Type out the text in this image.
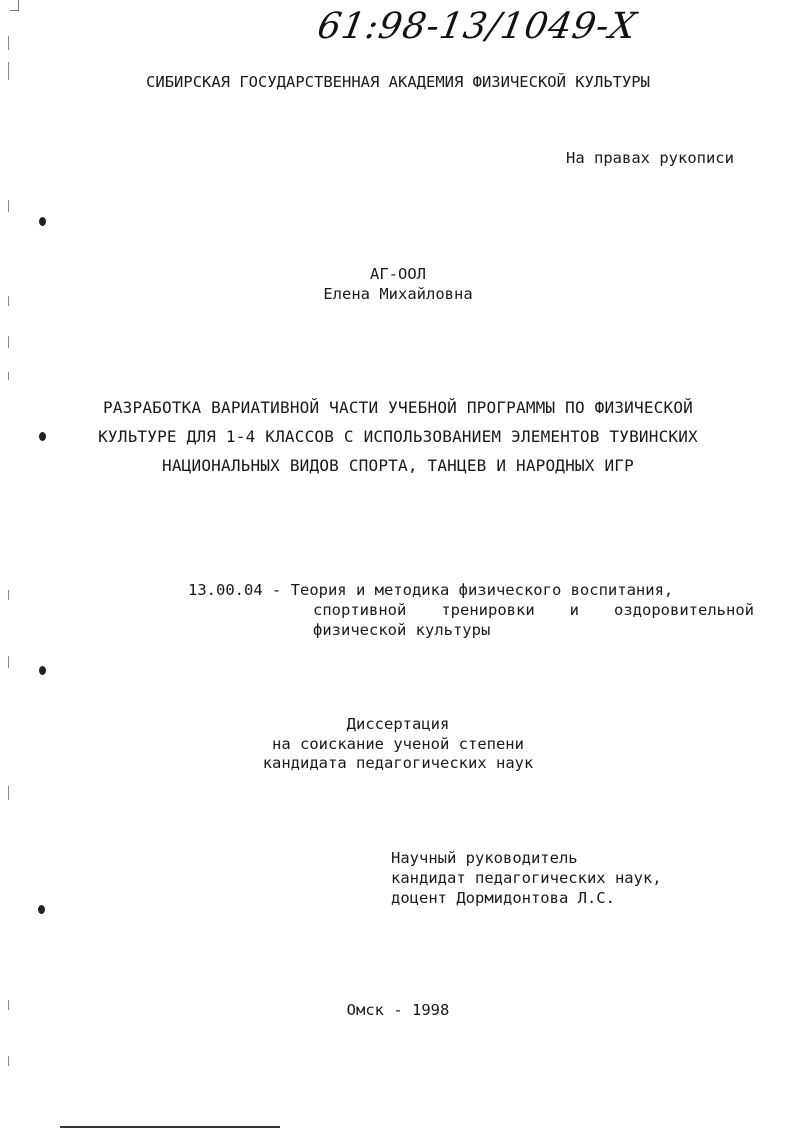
61:98-13/1049-Х
СИБИРСКАЯ ГОСУДАРСТВЕННАЯ АКАДЕМИЯ ФИЗИЧЕСКОЙ КУЛЬТУРЫ
На правах рукописи
АГ-ООЛ
Елена Михайловна
РАЗРАБОТКА ВАРИАТИВНОЙ ЧАСТИ УЧЕБНОЙ ПРОГРАММЫ ПО ФИЗИЧЕСКОЙ
КУЛЬТУРЕ ДЛЯ 1-4 КЛАССОВ С ИСПОЛЬЗОВАНИЕМ ЭЛЕМЕНТОВ ТУВИНСКИХ
НАЦИОНАЛЬНЫХ ВИДОВ СПОРТА, ТАНЦЕВ И НАРОДНЫХ ИГР
13.00.04 - Теория и методика физического воспитания,
спортивной тренировки и оздоровительной
физической культуры
Диссертация
на соискание ученой степени
кандидата педагогических наук
Научный руководитель
кандидат педагогических наук,
доцент Дормидонтова Л.С.
Омск - 1998
